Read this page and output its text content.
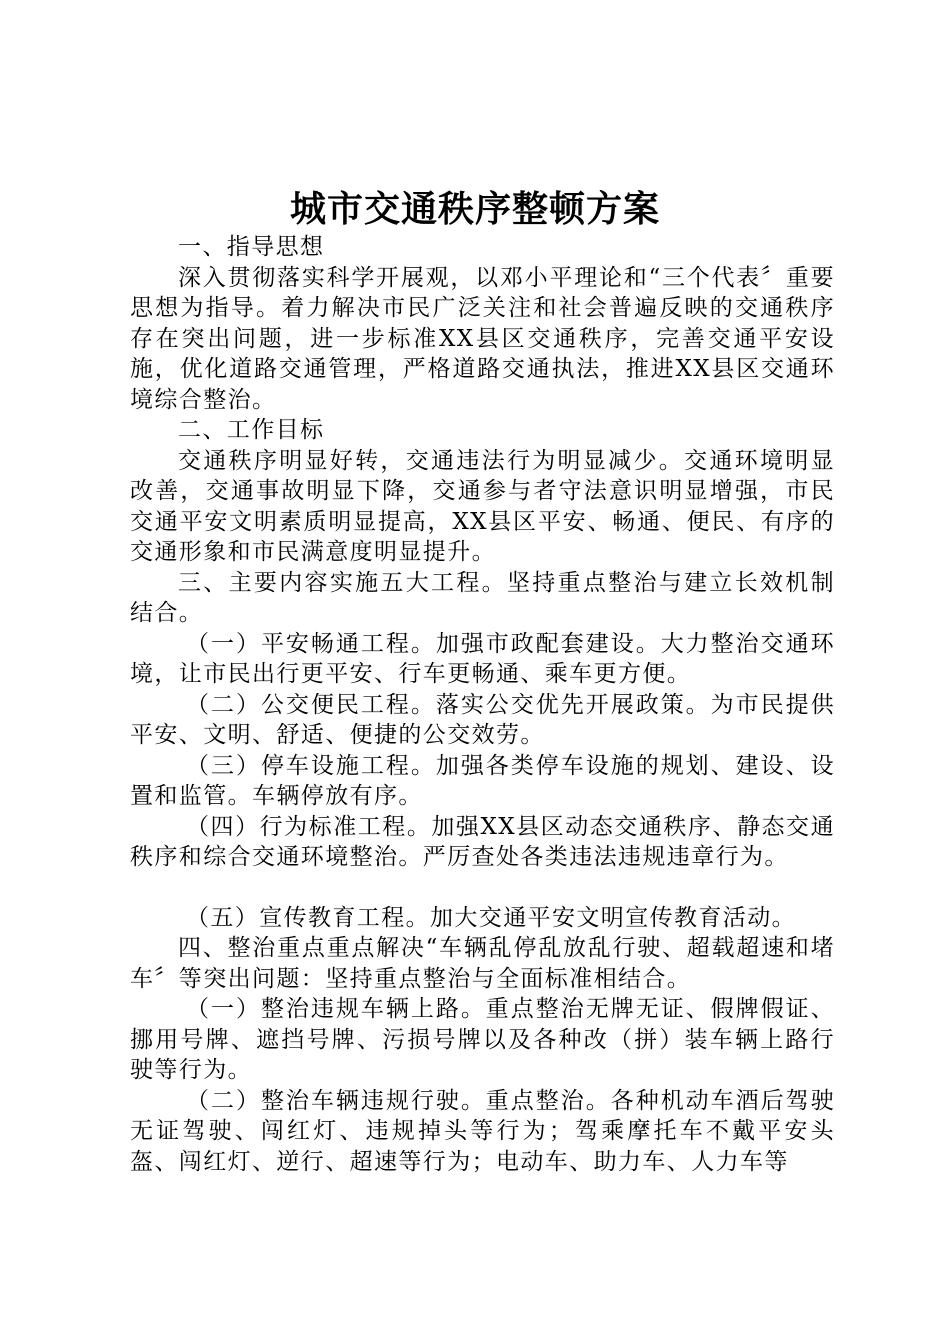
城市交通秩序整顿方案

一、指导思想

深入贯彻落实科学开展观，以邓小平理论和“三个代表〞重要思想为指导。着力解决市民广泛关注和社会普遍反映的交通秩序存在突出问题，进一步标准XX县区交通秩序，完善交通平安设施，优化道路交通管理，严格道路交通执法，推进XX县区交通环境综合整治。

二、工作目标

交通秩序明显好转，交通违法行为明显减少。交通环境明显改善，交通事故明显下降，交通参与者守法意识明显增强，市民交通平安文明素质明显提高，XX县区平安、畅通、便民、有序的交通形象和市民满意度明显提升。

三、主要内容实施五大工程。坚持重点整治与建立长效机制结合。

（一）平安畅通工程。加强市政配套建设。大力整治交通环境，让市民出行更平安、行车更畅通、乘车更方便。

（二）公交便民工程。落实公交优先开展政策。为市民提供平安、文明、舒适、便捷的公交效劳。

（三）停车设施工程。加强各类停车设施的规划、建设、设置和监管。车辆停放有序。

（四）行为标准工程。加强XX县区动态交通秩序、静态交通秩序和综合交通环境整治。严厉查处各类违法违规违章行为。

（五）宣传教育工程。加大交通平安文明宣传教育活动。

四、整治重点重点解决“车辆乱停乱放乱行驶、超载超速和堵车〞等突出问题：坚持重点整治与全面标准相结合。

（一）整治违规车辆上路。重点整治无牌无证、假牌假证、挪用号牌、遮挡号牌、污损号牌以及各种改（拼）装车辆上路行驶等行为。

（二）整治车辆违规行驶。重点整治。各种机动车酒后驾驶无证驾驶、闯红灯、违规掉头等行为；驾乘摩托车不戴平安头盔、闯红灯、逆行、超速等行为；电动车、助力车、人力车等
